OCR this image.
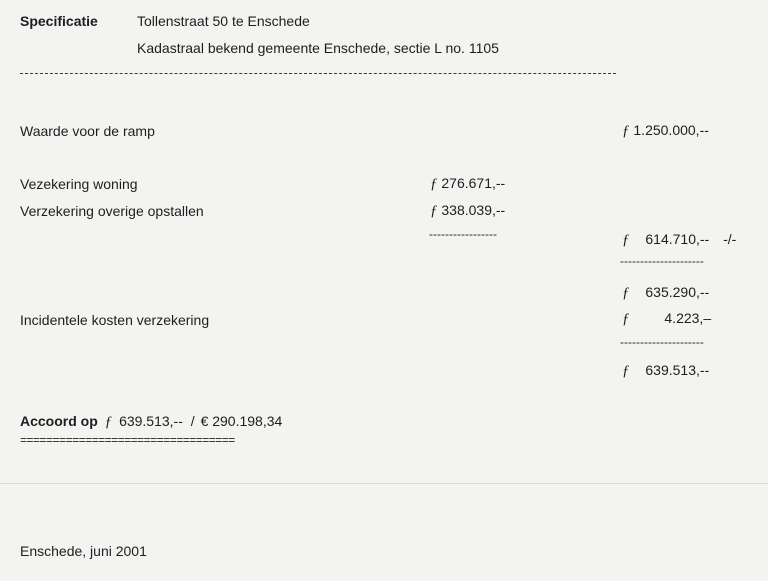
Specificatie	Tollenstraat 50 te Enschede
Kadastraal bekend gemeente Enschede, sectie L no. 1105
Waarde voor de ramp	ƒ 1.250.000,--
Vezekering woning	ƒ 276.671,--
Verzekering overige opstallen	ƒ 338.039,--
-----------------	ƒ 614.710,-- -/-
---------------------
ƒ 635.290,--
Incidentele kosten verzekering	ƒ 4.223,–
---------------------
ƒ 639.513,--
Accoord op ƒ 639.513,-- / € 290.198,34
=================================
Enschede, juni 2001
